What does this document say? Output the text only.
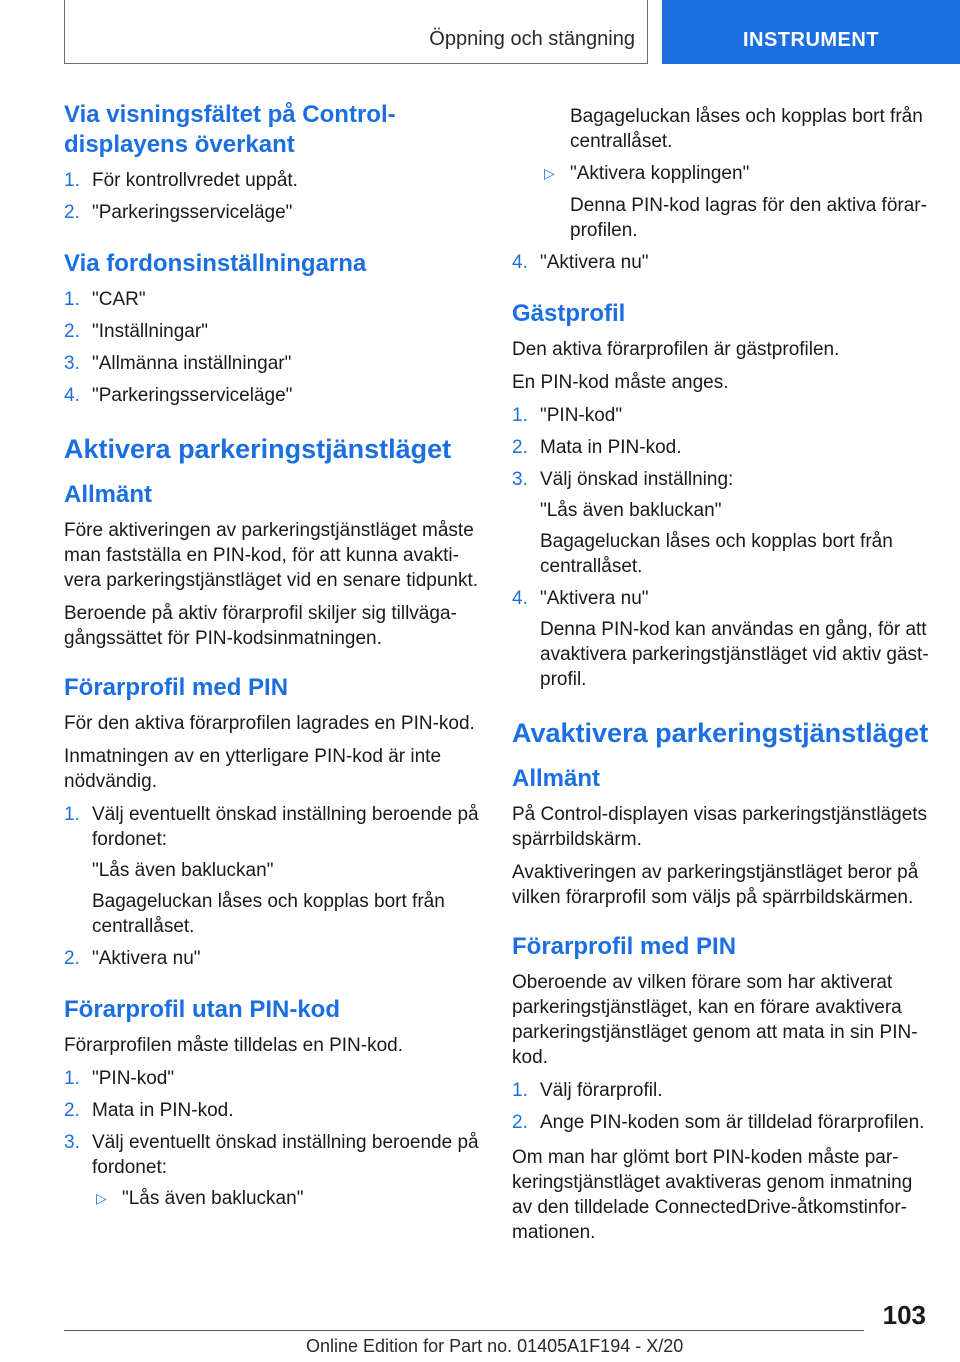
Öppning och stängning	INSTRUMENT
Via visningsfältet på Control-displayens överkant
1. För kontrollvredet uppåt.
2. "Parkeringsserviceläge"
Via fordonsinställningarna
1. "CAR"
2. "Inställningar"
3. "Allmänna inställningar"
4. "Parkeringsserviceläge"
Aktivera parkeringstjänstläget
Allmänt

Före aktiveringen av parkeringstjänstläget måste man fastställa en PIN-kod, för att kunna avaktivera parkeringstjänstläget vid en senare tidpunkt.

Beroende på aktiv förarprofil skiljer sig tillvägagångssättet för PIN-kodsinmatningen.

Förarprofil med PIN

För den aktiva förarprofilen lagrades en PIN-kod.

Inmatningen av en ytterligare PIN-kod är inte nödvändig.

1. Välj eventuellt önskad inställning beroende på fordonet:
"Lås även bakluckan"
Bagageluckan låses och kopplas bort från centrallåset.
2. "Aktivera nu"
Förarprofil utan PIN-kod

Förarprofilen måste tilldelas en PIN-kod.

1. "PIN-kod"
2. Mata in PIN-kod.
3. Välj eventuellt önskad inställning beroende på fordonet:
▷ "Lås även bakluckan"
Bagageluckan låses och kopplas bort från centrallåset.
▷ "Aktivera kopplingen"
Denna PIN-kod lagras för den aktiva förarprofilen.
4. "Aktivera nu"
Gästprofil

Den aktiva förarprofilen är gästprofilen.

En PIN-kod måste anges.

1. "PIN-kod"
2. Mata in PIN-kod.
3. Välj önskad inställning:
"Lås även bakluckan"
Bagageluckan låses och kopplas bort från centrallåset.
4. "Aktivera nu"
Denna PIN-kod kan användas en gång, för att avaktivera parkeringstjänstläget vid aktiv gästprofil.
Avaktivera parkeringstjänstläget
Allmänt

På Control-displayen visas parkeringstjänstlägets spärrbildskärm.

Avaktiveringen av parkeringstjänstläget beror på vilken förarprofil som väljs på spärrbildskärmen.

Förarprofil med PIN

Oberoende av vilken förare som har aktiverat parkeringstjänstläget, kan en förare avaktivera parkeringstjänstläget genom att mata in sin PIN-kod.

1. Välj förarprofil.
2. Ange PIN-koden som är tilldelad förarprofilen.

Om man har glömt bort PIN-koden måste parkeringstjänstläget avaktiveras genom inmatning av den tilldelade ConnectedDrive-åtkomstinformationen.

103
Online Edition for Part no. 01405A1F194 - X/20
